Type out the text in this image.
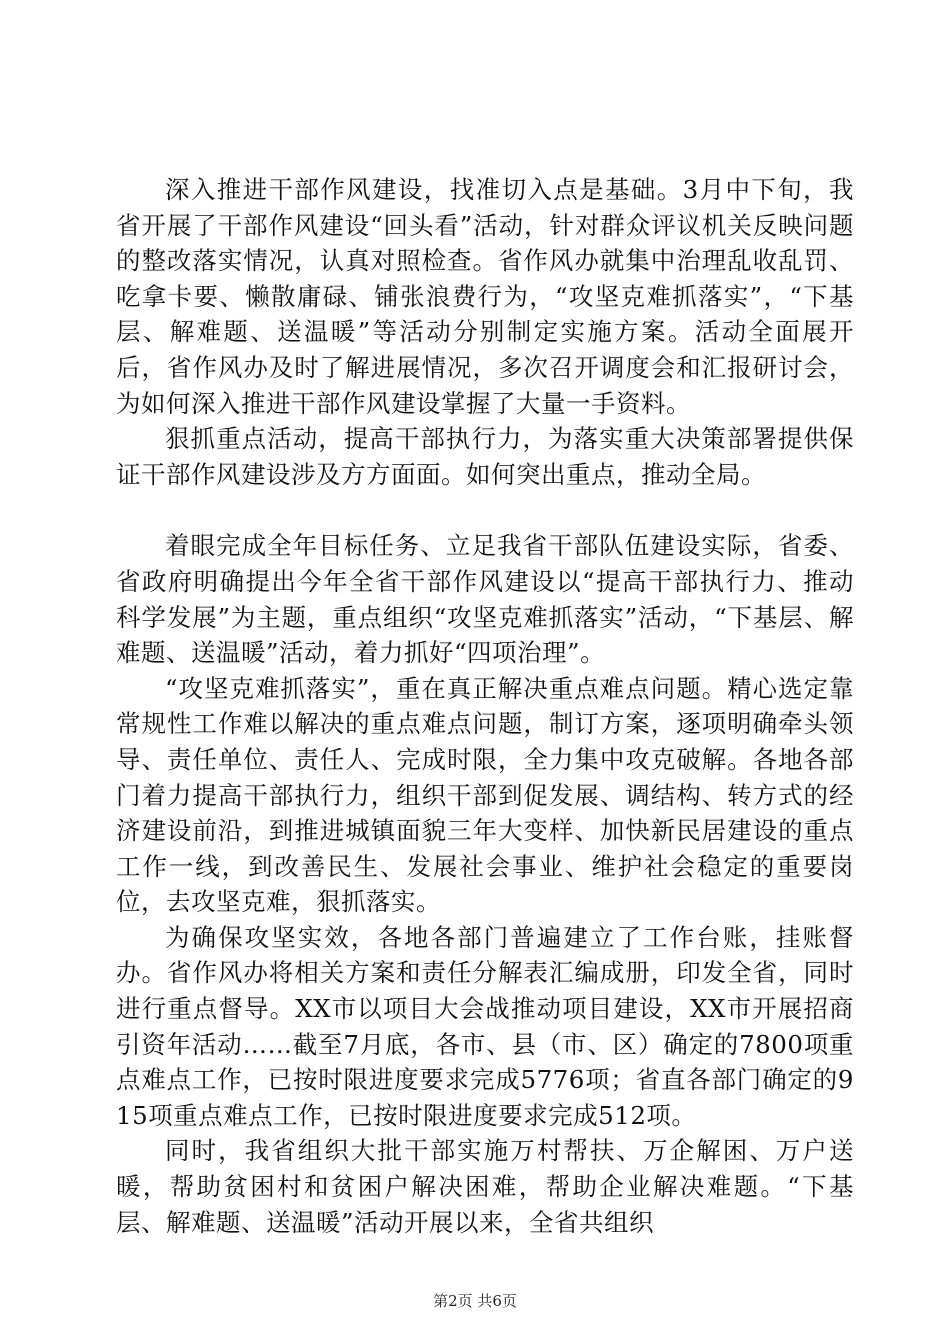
深入推进干部作风建设，找准切入点是基础。3月中下旬，我省开展了干部作风建设“回头看”活动，针对群众评议机关反映问题的整改落实情况，认真对照检查。省作风办就集中治理乱收乱罚、吃拿卡要、懒散庸碌、铺张浪费行为，“攻坚克难抓落实”，“下基层、解难题、送温暖”等活动分别制定实施方案。活动全面展开后，省作风办及时了解进展情况，多次召开调度会和汇报研讨会，为如何深入推进干部作风建设掌握了大量一手资料。

狠抓重点活动，提高干部执行力，为落实重大决策部署提供保证干部作风建设涉及方方面面。如何突出重点，推动全局。

着眼完成全年目标任务、立足我省干部队伍建设实际，省委、省政府明确提出今年全省干部作风建设以“提高干部执行力、推动科学发展”为主题，重点组织“攻坚克难抓落实”活动，“下基层、解难题、送温暖”活动，着力抓好“四项治理”。

“攻坚克难抓落实”，重在真正解决重点难点问题。精心选定靠常规性工作难以解决的重点难点问题，制订方案，逐项明确牵头领导、责任单位、责任人、完成时限，全力集中攻克破解。各地各部门着力提高干部执行力，组织干部到促发展、调结构、转方式的经济建设前沿，到推进城镇面貌三年大变样、加快新民居建设的重点工作一线，到改善民生、发展社会事业、维护社会稳定的重要岗位，去攻坚克难，狠抓落实。

为确保攻坚实效，各地各部门普遍建立了工作台账，挂账督办。省作风办将相关方案和责任分解表汇编成册，印发全省，同时进行重点督导。XX市以项目大会战推动项目建设，XX市开展招商引资年活动……截至7月底，各市、县（市、区）确定的7800项重点难点工作，已按时限进度要求完成5776项；省直各部门确定的915项重点难点工作，已按时限进度要求完成512项。

同时，我省组织大批干部实施万村帮扶、万企解困、万户送暖，帮助贫困村和贫困户解决困难，帮助企业解决难题。“下基层、解难题、送温暖”活动开展以来，全省共组织

第2页 共6页
